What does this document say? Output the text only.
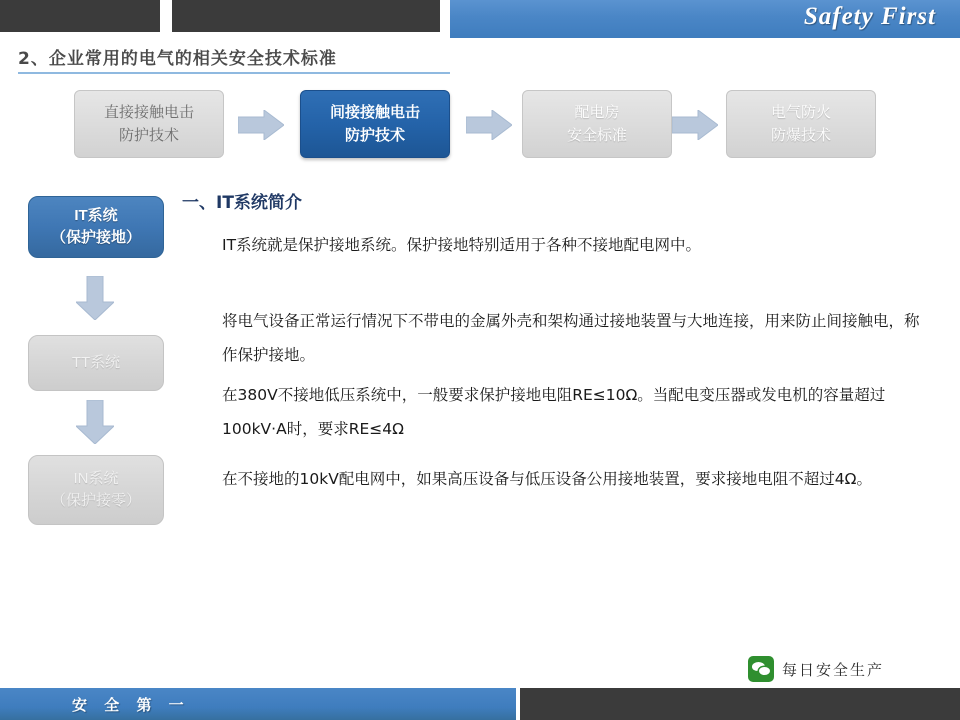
Safety First
2、企业常用的电气的相关安全技术标准
直接接触电击
防护技术
间接接触电击
防护技术
配电房
安全标准
电气防火
防爆技术
IT系统
（保护接地）
TT系统
IN系统
（保护接零）
一、IT系统简介
IT系统就是保护接地系统。保护接地特别适用于各种不接地配电网中。
将电气设备正常运行情况下不带电的金属外壳和架构通过接地装置与大地连接，用来防止间接触电，称作保护接地。
在380V不接地低压系统中，一般要求保护接地电阻RE≤10Ω。当配电变压器或发电机的容量超过100kV·A时，要求RE≤4Ω
在不接地的10kV配电网中，如果高压设备与低压设备公用接地装置，要求接地电阻不超过4Ω。
每日安全生产
安 全 第 一
